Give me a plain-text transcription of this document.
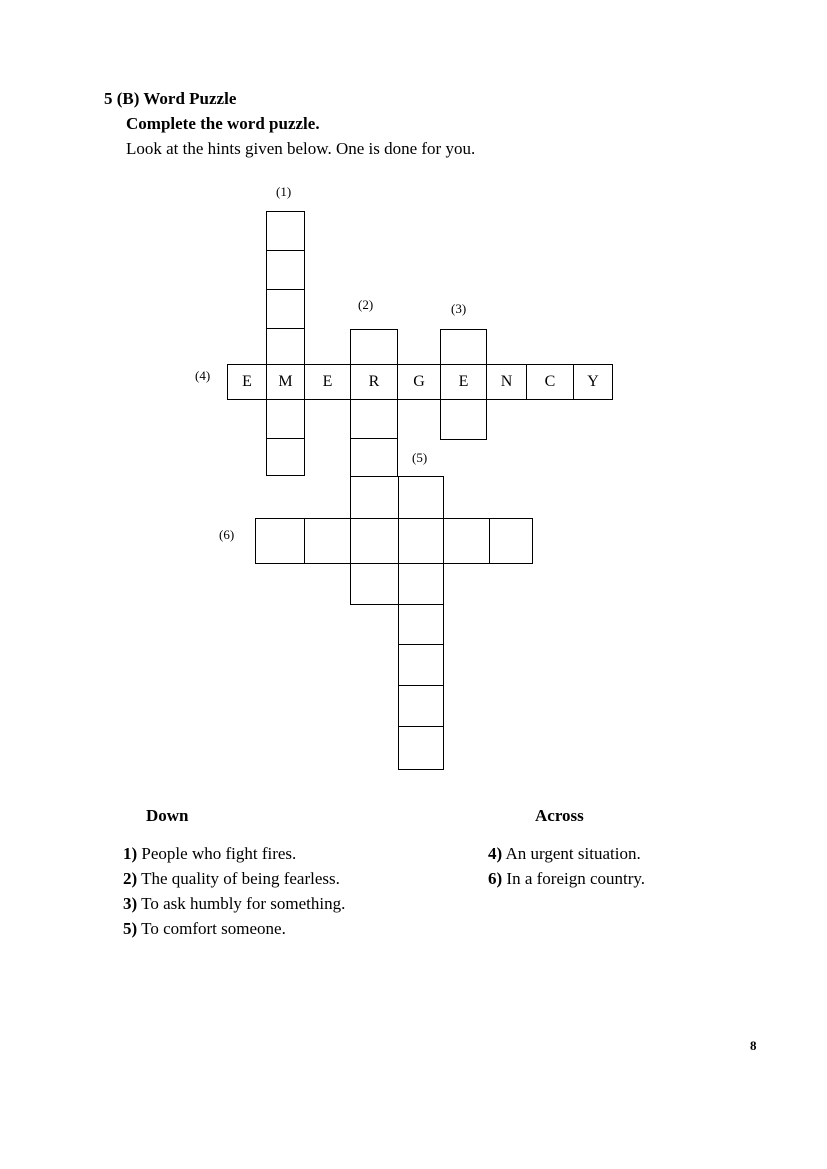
5 (B) Word Puzzle
Complete the word puzzle.
Look at the hints given below. One is done for you.
(1)
(2)	(3)
(4)
(5)
(6)
E	M	E	R	G	E	N	C	Y
Down	Across
1) People who fight fires.
2) The quality of being fearless.
3) To ask humbly for something.
5) To comfort someone.
4) An urgent situation.
6) In a foreign country.
8
